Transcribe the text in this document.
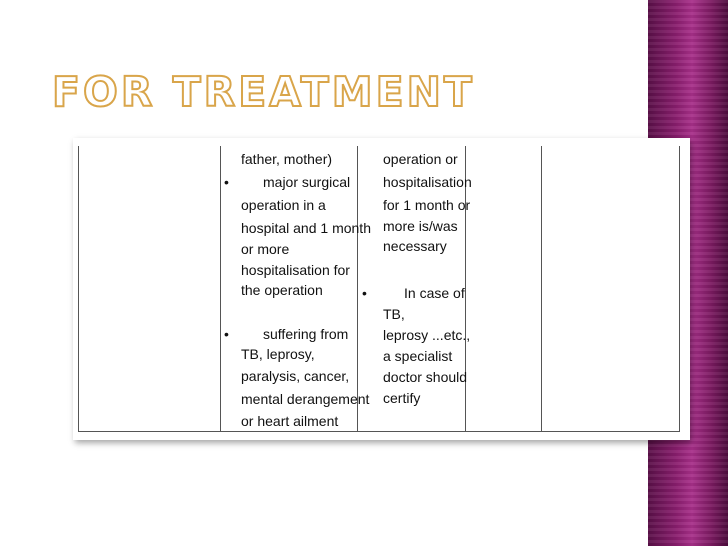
FOR TREATMENT
father, mother)
• major surgical
operation in a
hospital and 1 month
or more
hospitalisation for
the operation
• suffering from
TB, leprosy,
paralysis, cancer,
mental derangement
or heart ailment
operation or
hospitalisation
for 1 month or
more is/was
necessary
•	In case of
TB,
leprosy ...etc.,
a specialist
doctor should
certify
